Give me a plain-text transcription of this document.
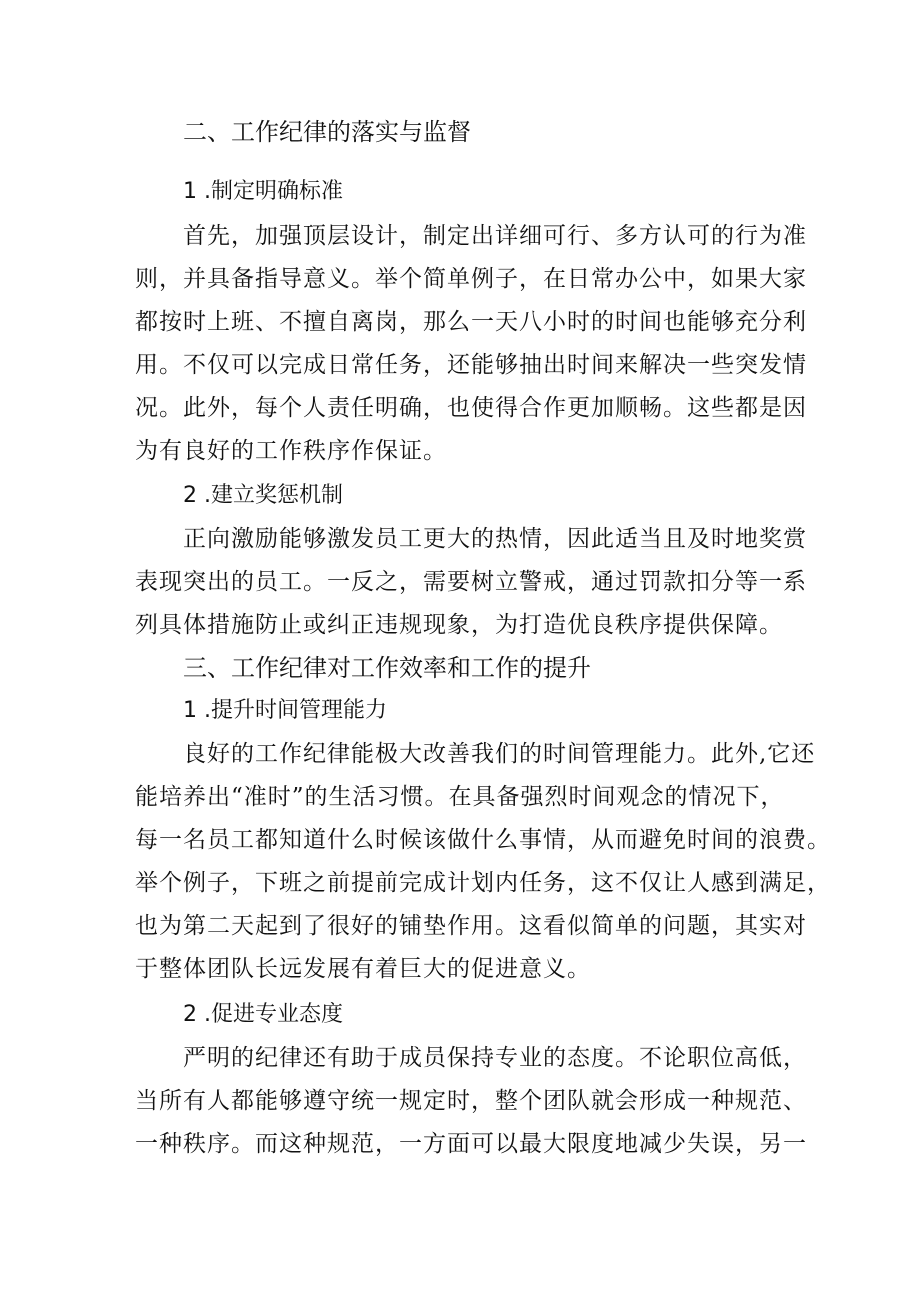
二、工作纪律的落实与监督
1 .制定明确标准
首先，加强顶层设计，制定出详细可行、多方认可的行为准
则，并具备指导意义。举个简单例子，在日常办公中，如果大家
都按时上班、不擅自离岗，那么一天八小时的时间也能够充分利
用。不仅可以完成日常任务，还能够抽出时间来解决一些突发情
况。此外，每个人责任明确，也使得合作更加顺畅。这些都是因
为有良好的工作秩序作保证。
2 .建立奖惩机制
正向激励能够激发员工更大的热情，因此适当且及时地奖赏
表现突出的员工。一反之，需要树立警戒，通过罚款扣分等一系
列具体措施防止或纠正违规现象，为打造优良秩序提供保障。
三、工作纪律对工作效率和工作的提升
1 .提升时间管理能力
良好的工作纪律能极大改善我们的时间管理能力。此外,它还
能培养出“准时”的生活习惯。在具备强烈时间观念的情况下，
每一名员工都知道什么时候该做什么事情，从而避免时间的浪费。
举个例子，下班之前提前完成计划内任务，这不仅让人感到满足，
也为第二天起到了很好的铺垫作用。这看似简单的问题，其实对
于整体团队长远发展有着巨大的促进意义。
2 .促进专业态度
严明的纪律还有助于成员保持专业的态度。不论职位高低，
当所有人都能够遵守统一规定时，整个团队就会形成一种规范、
一种秩序。而这种规范，一方面可以最大限度地减少失误，另一
